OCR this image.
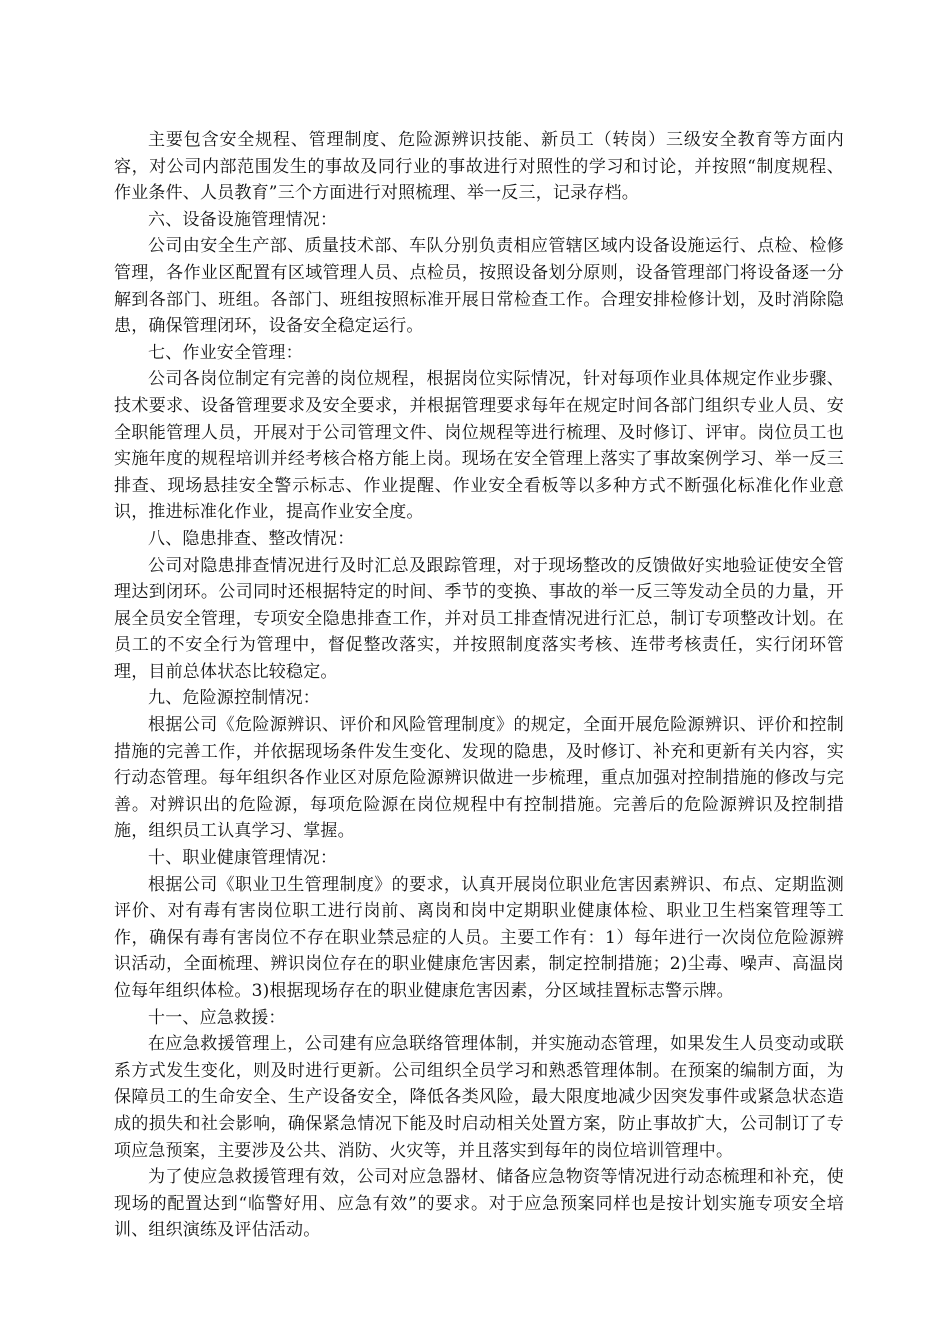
主要包含安全规程、管理制度、危险源辨识技能、新员工（转岗）三级安全教育等方面内容，对公司内部范围发生的事故及同行业的事故进行对照性的学习和讨论，并按照“制度规程、作业条件、人员教育”三个方面进行对照梳理、举一反三，记录存档。

六、设备设施管理情况：

公司由安全生产部、质量技术部、车队分别负责相应管辖区域内设备设施运行、点检、检修管理，各作业区配置有区域管理人员、点检员，按照设备划分原则，设备管理部门将设备逐一分解到各部门、班组。各部门、班组按照标准开展日常检查工作。合理安排检修计划，及时消除隐患，确保管理闭环，设备安全稳定运行。

七、作业安全管理：

公司各岗位制定有完善的岗位规程，根据岗位实际情况，针对每项作业具体规定作业步骤、技术要求、设备管理要求及安全要求，并根据管理要求每年在规定时间各部门组织专业人员、安全职能管理人员，开展对于公司管理文件、岗位规程等进行梳理、及时修订、评审。岗位员工也实施年度的规程培训并经考核合格方能上岗。现场在安全管理上落实了事故案例学习、举一反三排查、现场悬挂安全警示标志、作业提醒、作业安全看板等以多种方式不断强化标准化作业意识，推进标准化作业，提高作业安全度。

八、隐患排查、整改情况：

公司对隐患排查情况进行及时汇总及跟踪管理，对于现场整改的反馈做好实地验证使安全管理达到闭环。公司同时还根据特定的时间、季节的变换、事故的举一反三等发动全员的力量，开展全员安全管理，专项安全隐患排查工作，并对员工排查情况进行汇总，制订专项整改计划。在员工的不安全行为管理中，督促整改落实，并按照制度落实考核、连带考核责任，实行闭环管理，目前总体状态比较稳定。

九、危险源控制情况：

根据公司《危险源辨识、评价和风险管理制度》的规定，全面开展危险源辨识、评价和控制措施的完善工作，并依据现场条件发生变化、发现的隐患，及时修订、补充和更新有关内容，实行动态管理。每年组织各作业区对原危险源辨识做进一步梳理，重点加强对控制措施的修改与完善。对辨识出的危险源，每项危险源在岗位规程中有控制措施。完善后的危险源辨识及控制措施，组织员工认真学习、掌握。

十、职业健康管理情况：

根据公司《职业卫生管理制度》的要求，认真开展岗位职业危害因素辨识、布点、定期监测评价、对有毒有害岗位职工进行岗前、离岗和岗中定期职业健康体检、职业卫生档案管理等工作，确保有毒有害岗位不存在职业禁忌症的人员。主要工作有：1）每年进行一次岗位危险源辨识活动，全面梳理、辨识岗位存在的职业健康危害因素，制定控制措施；2)尘毒、噪声、高温岗位每年组织体检。3)根据现场存在的职业健康危害因素，分区域挂置标志警示牌。

十一、应急救援：

在应急救援管理上，公司建有应急联络管理体制，并实施动态管理，如果发生人员变动或联系方式发生变化，则及时进行更新。公司组织全员学习和熟悉管理体制。在预案的编制方面，为保障员工的生命安全、生产设备安全，降低各类风险，最大限度地减少因突发事件或紧急状态造成的损失和社会影响，确保紧急情况下能及时启动相关处置方案，防止事故扩大，公司制订了专项应急预案，主要涉及公共、消防、火灾等，并且落实到每年的岗位培训管理中。

为了使应急救援管理有效，公司对应急器材、储备应急物资等情况进行动态梳理和补充，使现场的配置达到“临警好用、应急有效”的要求。对于应急预案同样也是按计划实施专项安全培训、组织演练及评估活动。
